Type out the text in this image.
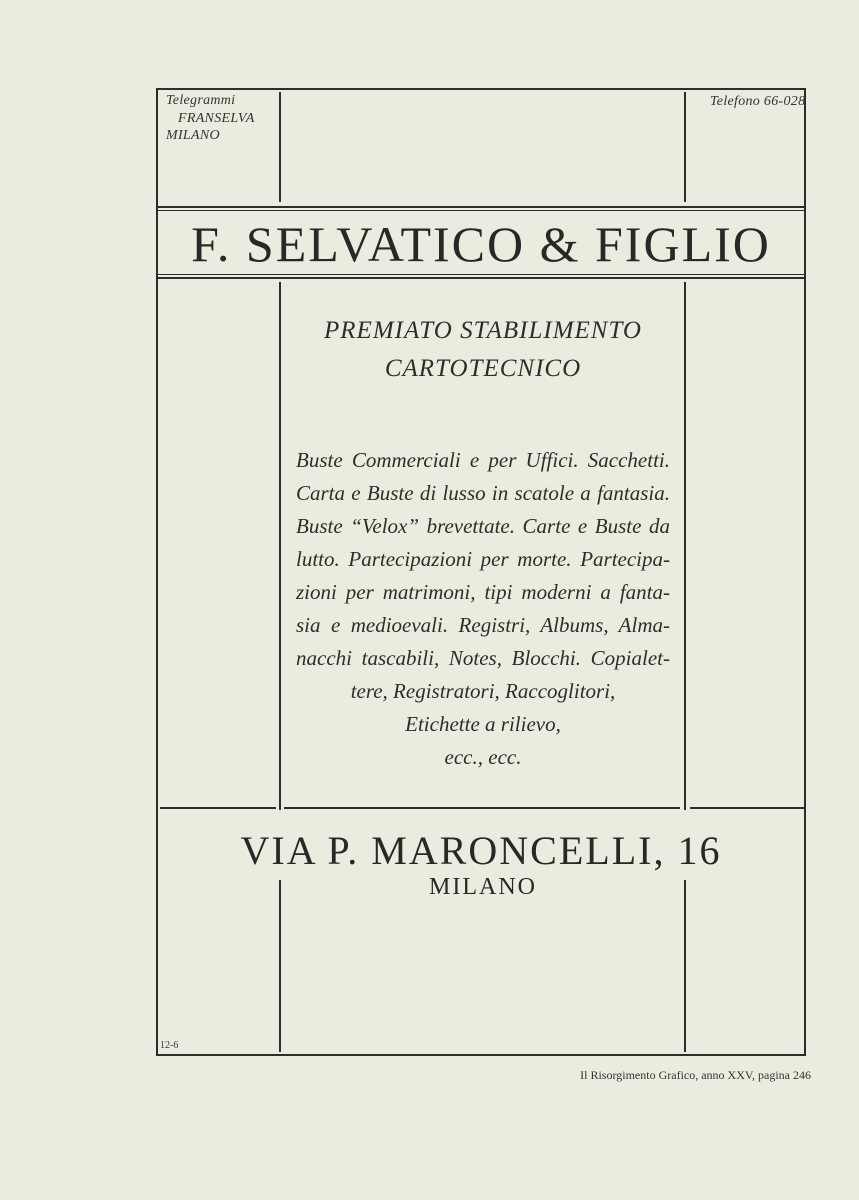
Telegrammi
FRANSELVA
MILANO
Telefono 66-028
F. SELVATICO & FIGLIO
PREMIATO STABILIMENTO
CARTOTECNICO
Buste Commerciali e per Uffici. Sacchetti.
Carta e Buste di lusso in scatole a fantasia.
Buste “Velox” brevettate. Carte e Buste da
lutto. Partecipazioni per morte. Partecipa-
zioni per matrimoni, tipi moderni a fanta-
sia e medioevali. Registri, Albums, Alma-
nacchi tascabili, Notes, Blocchi. Copialet-
tere, Registratori, Raccoglitori,
Etichette a rilievo,
ecc., ecc.
VIA P. MARONCELLI, 16
MILANO
12-6
Il Risorgimento Grafico, anno XXV, pagina 246
